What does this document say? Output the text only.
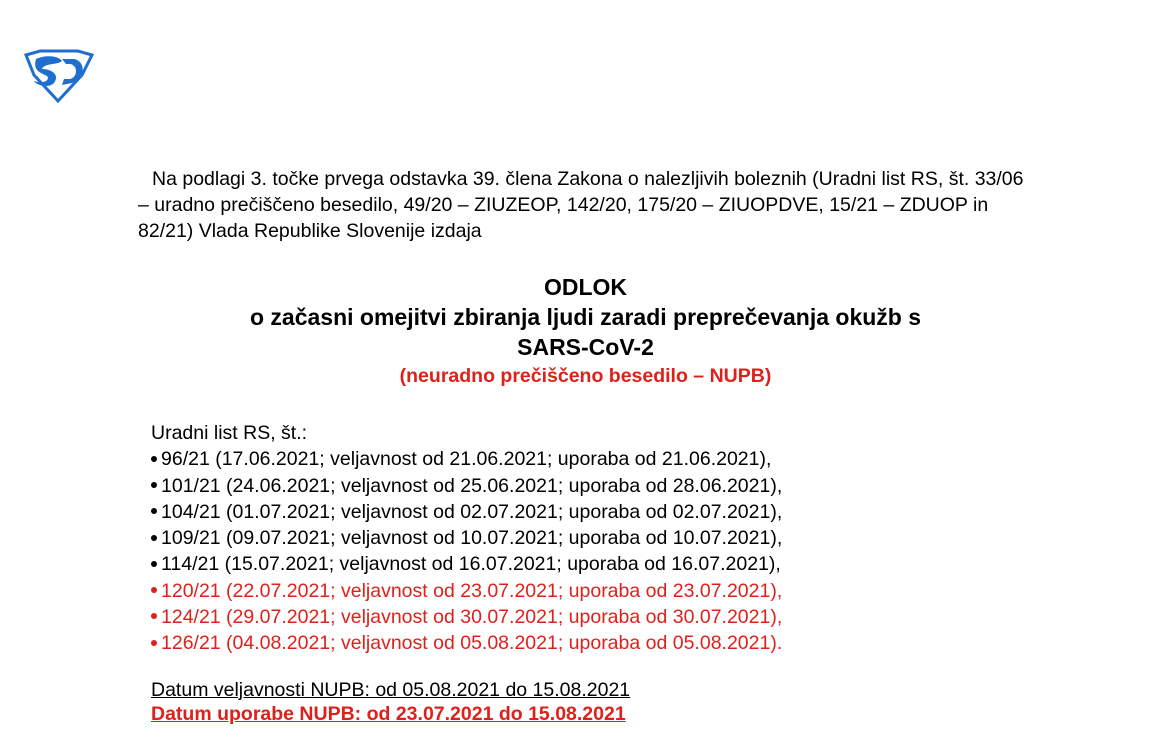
Na podlagi 3. točke prvega odstavka 39. člena Zakona o nalezljivih boleznih (Uradni list RS, št. 33/06 – uradno prečiščeno besedilo, 49/20 – ZIUZEOP, 142/20, 175/20 – ZIUOPDVE, 15/21 – ZDUOP in 82/21) Vlada Republike Slovenije izdaja

ODLOK

o začasni omejitvi zbiranja ljudi zaradi preprečevanja okužb s

SARS-CoV-2

(neuradno prečiščeno besedilo – NUPB)

Uradni list RS, št.:

96/21 (17.06.2021; veljavnost od 21.06.2021; uporaba od 21.06.2021),
101/21 (24.06.2021; veljavnost od 25.06.2021; uporaba od 28.06.2021),
104/21 (01.07.2021; veljavnost od 02.07.2021; uporaba od 02.07.2021),
109/21 (09.07.2021; veljavnost od 10.07.2021; uporaba od 10.07.2021),
114/21 (15.07.2021; veljavnost od 16.07.2021; uporaba od 16.07.2021),
120/21 (22.07.2021; veljavnost od 23.07.2021; uporaba od 23.07.2021),
124/21 (29.07.2021; veljavnost od 30.07.2021; uporaba od 30.07.2021),
126/21 (04.08.2021; veljavnost od 05.08.2021; uporaba od 05.08.2021).

Datum veljavnosti NUPB: od 05.08.2021 do 15.08.2021

Datum uporabe NUPB: od 23.07.2021 do 15.08.2021
